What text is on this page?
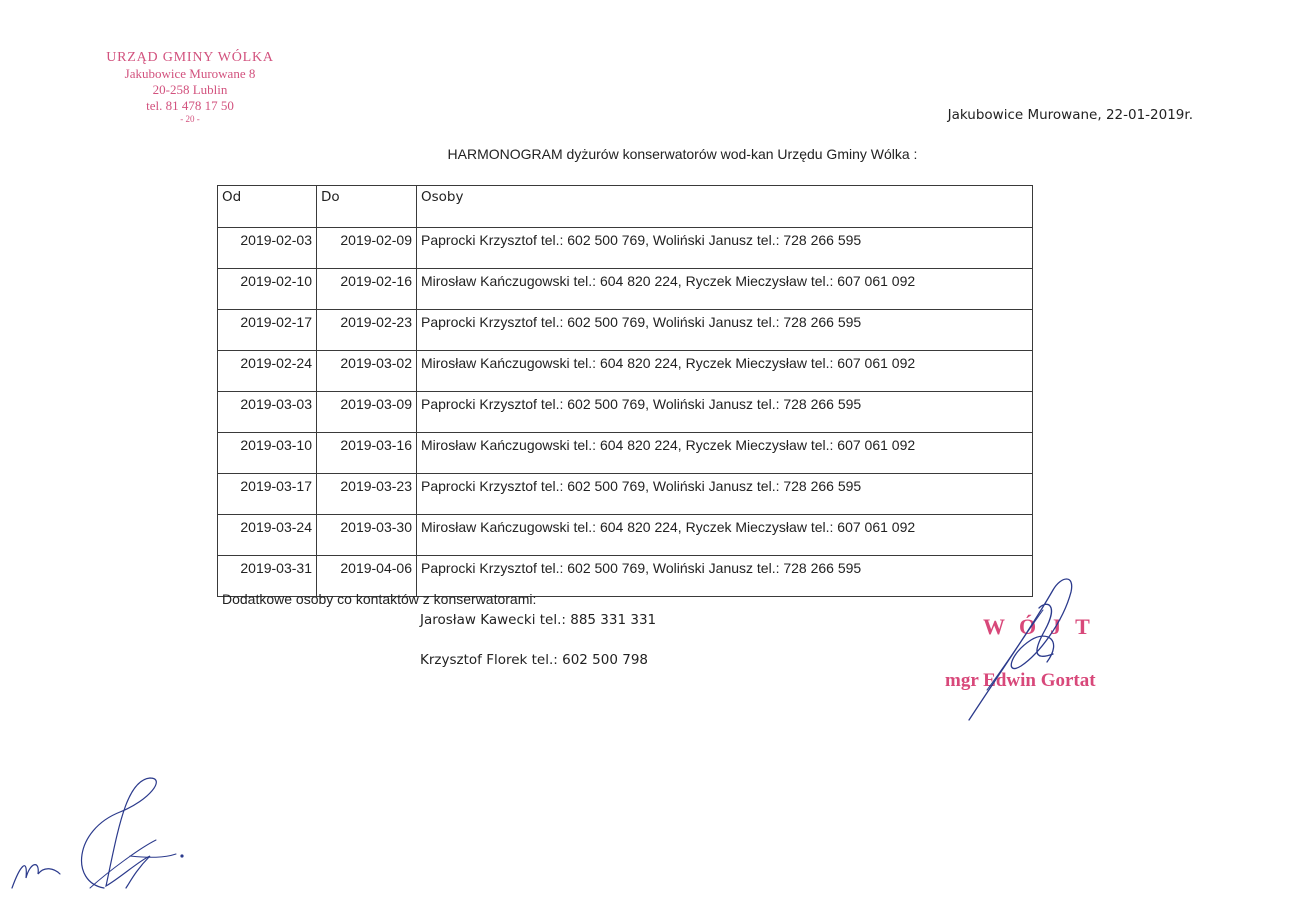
URZĄD GMINY WÓLKA
Jakubowice Murowane 8
20-258 Lublin
tel. 81 478 17 50
- 20 -	Jakubowice Murowane, 22-01-2019r.
HARMONOGRAM dyżurów konserwatorów wod-kan Urzędu Gminy Wólka :
Od	Do	Osoby
2019-02-03	2019-02-09	Paprocki Krzysztof tel.: 602 500 769, Woliński Janusz tel.: 728 266 595
2019-02-10	2019-02-16	Mirosław Kańczugowski tel.: 604 820 224, Ryczek Mieczysław tel.: 607 061 092
2019-02-17	2019-02-23	Paprocki Krzysztof tel.: 602 500 769, Woliński Janusz tel.: 728 266 595
2019-02-24	2019-03-02	Mirosław Kańczugowski tel.: 604 820 224, Ryczek Mieczysław tel.: 607 061 092
2019-03-03	2019-03-09	Paprocki Krzysztof tel.: 602 500 769, Woliński Janusz tel.: 728 266 595
2019-03-10	2019-03-16	Mirosław Kańczugowski tel.: 604 820 224, Ryczek Mieczysław tel.: 607 061 092
2019-03-17	2019-03-23	Paprocki Krzysztof tel.: 602 500 769, Woliński Janusz tel.: 728 266 595
2019-03-24	2019-03-30	Mirosław Kańczugowski tel.: 604 820 224, Ryczek Mieczysław tel.: 607 061 092
2019-03-31	2019-04-06	Paprocki Krzysztof tel.: 602 500 769, Woliński Janusz tel.: 728 266 595
Dodatkowe osoby co kontaktów z konserwatorami:
Jarosław Kawecki tel.: 885 331 331
Krzysztof Florek tel.: 602 500 798
WÓJT
mgr Edwin Gortat
